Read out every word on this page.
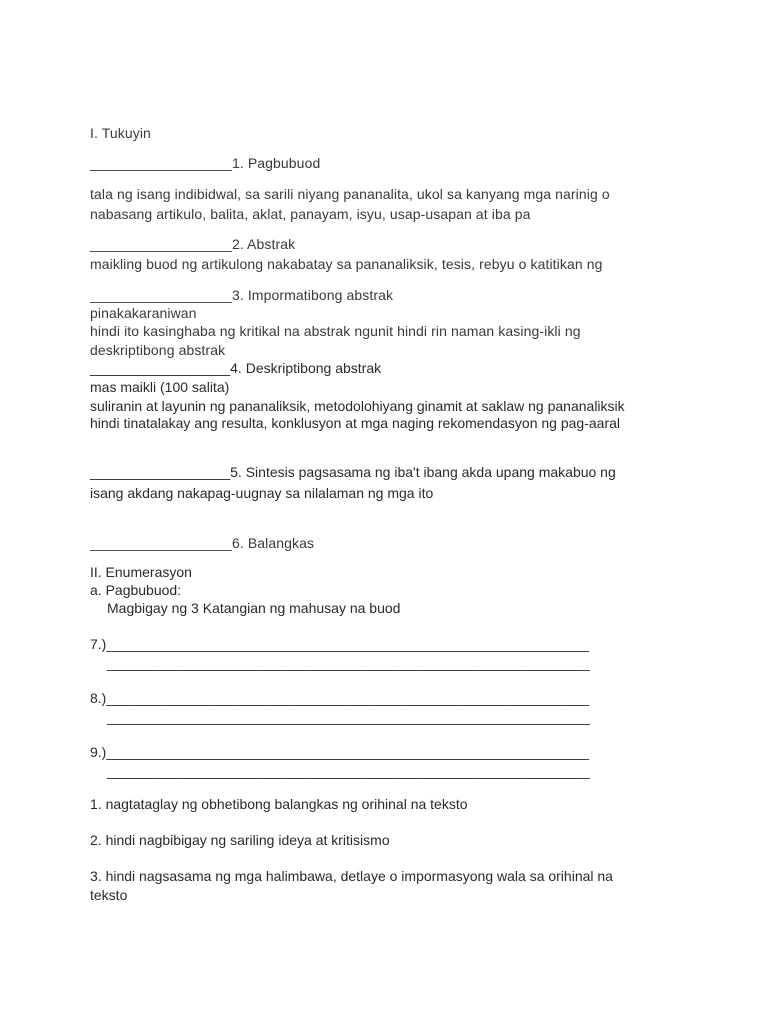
I. Tukuyin
__________________1. Pagbubuod
tala ng isang indibidwal, sa sarili niyang pananalita, ukol sa kanyang mga narinig o
nabasang artikulo, balita, aklat, panayam, isyu, usap-usapan at iba pa
__________________2. Abstrak
maikling buod ng artikulong nakabatay sa pananaliksik, tesis, rebyu o katitikan ng
__________________3. Impormatibong abstrak
pinakakaraniwan
hindi ito kasinghaba ng kritikal na abstrak ngunit hindi rin naman kasing-ikli ng
deskriptibong abstrak
__________________4. Deskriptibong abstrak
mas maikli (100 salita)
suliranin at layunin ng pananaliksik, metodolohiyang ginamit at saklaw ng pananaliksik
hindi tinatalakay ang resulta, konklusyon at mga naging rekomendasyon ng pag-aaral
__________________5. Sintesis pagsasama ng iba't ibang akda upang makabuo ng
isang akdang nakapag-uugnay sa nilalaman ng mga ito
__________________6. Balangkas
II. Enumerasyon
a. Pagbubuod:
Magbigay ng 3 Katangian ng mahusay na buod
7.)______________________________________________________________
______________________________________________________________
8.)______________________________________________________________
______________________________________________________________
9.)______________________________________________________________
______________________________________________________________
1. nagtataglay ng obhetibong balangkas ng orihinal na teksto
2. hindi nagbibigay ng sariling ideya at kritisismo
3. hindi nagsasama ng mga halimbawa, detlaye o impormasyong wala sa orihinal na
teksto
